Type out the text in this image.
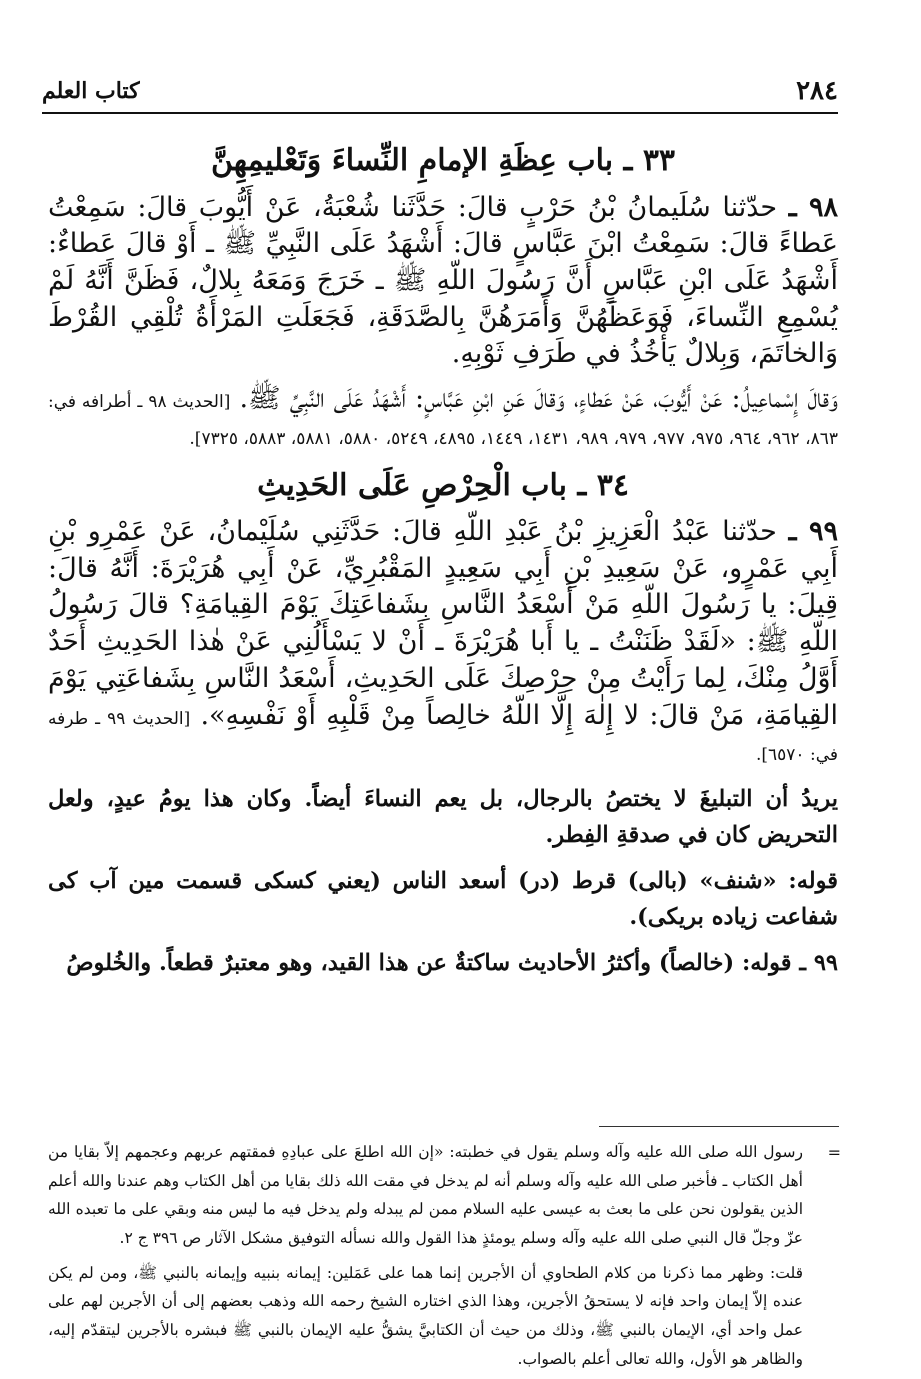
٢٨٤
كتاب العلم
٣٣ ـ باب عِظَةِ الإمامِ النِّساءَ وَتَعْليمِهِنَّ

٩٨ ـ حدّثنا سُلَيمانُ بْنُ حَرْبٍ قالَ: حَدَّثَنا شُعْبَةُ، عَنْ أَيُّوبَ قالَ: سَمِعْتُ عَطاءً قالَ: سَمِعْتُ ابْنَ عَبَّاسٍ قالَ: أَشْهَدُ عَلَى النَّبِيِّ ﷺ ـ أَوْ قالَ عَطاءٌ: أَشْهَدُ عَلَى ابْنِ عَبَّاسٍ أَنَّ رَسُولَ اللّهِ ﷺ ـ خَرَجَ وَمَعَهُ بِلالٌ، فَظَنَّ أَنَّهُ لَمْ يُسْمِعِ النِّساءَ، فَوَعَظَهُنَّ وَأَمَرَهُنَّ بِالصَّدَقَةِ، فَجَعَلَتِ المَرْأَةُ تُلْقِي القُرْطَ وَالخاتَمَ، وَبِلالٌ يَأْخُذُ في طَرَفِ ثَوْبِهِ.

وَقالَ إِسْماعِيلُ: عَنْ أَيُّوبَ، عَنْ عَطاءٍ، وَقالَ عَنِ ابْنِ عَبَّاسٍ: أَشْهَدُ عَلَى النَّبِيِّ ﷺ. [الحديث ٩٨ ـ أطرافه في: ٨٦٣، ٩٦٢، ٩٦٤، ٩٧٥، ٩٧٧، ٩٧٩، ٩٨٩، ١٤٣١، ١٤٤٩، ٤٨٩٥، ٥٢٤٩، ٥٨٨٠، ٥٨٨١، ٥٨٨٣، ٧٣٢٥].

٣٤ ـ باب الْحِرْصِ عَلَى الحَدِيثِ

٩٩ ـ حدّثنا عَبْدُ الْعَزِيزِ بْنُ عَبْدِ اللّهِ قالَ: حَدَّثَنِي سُلَيْمانُ، عَنْ عَمْرِو بْنِ أَبِي عَمْرٍو، عَنْ سَعِيدِ بْنِ أَبِي سَعِيدٍ المَقْبُرِيِّ، عَنْ أَبِي هُرَيْرَةَ: أَنَّهُ قالَ: قِيلَ: يا رَسُولَ اللّهِ مَنْ أَسْعَدُ النَّاسِ بِشَفاعَتِكَ يَوْمَ القِيامَةِ؟ قالَ رَسُولُ اللّهِ ﷺ: «لَقَدْ ظَنَنْتُ ـ يا أَبا هُرَيْرَةَ ـ أَنْ لا يَسْأَلُنِي عَنْ هٰذا الحَدِيثِ أَحَدٌ أَوَّلُ مِنْكَ، لِما رَأَيْتُ مِنْ حِرْصِكَ عَلَى الحَدِيثِ، أَسْعَدُ النَّاسِ بِشَفاعَتِي يَوْمَ القِيامَةِ، مَنْ قالَ: لا إِلٰهَ إِلَّا اللّهُ خالِصاً مِنْ قَلْبِهِ أَوْ نَفْسِهِ». [الحديث ٩٩ ـ طرفه في: ٦٥٧٠].

يريدُ أن التبليغَ لا يختصُ بالرجال، بل يعم النساءَ أيضاً. وكان هذا يومُ عيدٍ، ولعل التحريض كان في صدقةِ الفِطر.

قوله: «شنف» (بالى) قرط (در) أسعد الناس (يعني كسكى قسمت مين آب كى شفاعت زياده بريكى).

٩٩ ـ قوله: (خالصاً) وأكثرُ الأحاديث ساكتةٌ عن هذا القيد، وهو معتبرٌ قطعاً. والخُلوصُ

=

رسول الله صلى الله عليه وآله وسلم يقول في خطبته: «إن الله اطلعَ على عبادِهِ فمقتهم عربهم وعجمهم إلاّ بقايا من أهل الكتاب ـ فأخبر صلى الله عليه وآله وسلم أنه لم يدخل في مقت الله ذلك بقايا من أهل الكتاب وهم عندنا والله أعلم الذين يقولون نحن على ما بعث به عيسى عليه السلام ممن لم يبدله ولم يدخل فيه ما ليس منه وبقي على ما تعبده الله عزّ وجلّ قال النبي صلى الله عليه وآله وسلم يومئذٍ هذا القول والله نسأله التوفيق مشكل الآثار ص ٣٩٦ ج ٢.

قلت: وظهر مما ذكرنا من كلام الطحاوي أن الأجرين إنما هما على عَمَلين: إيمانه بنبيه وإيمانه بالنبي ﷺ، ومن لم يكن عنده إلاّ إيمان واحد فإنه لا يستحقُ الأجرين، وهذا الذي اختاره الشيخ رحمه الله وذهب بعضهم إلى أن الأجرين لهم على عمل واحد أي، الإيمان بالنبي ﷺ، وذلك من حيث أن الكتابيَّ يشقُّ عليه الإيمان بالنبي ﷺ فبشره بالأجرين ليتقدّم إليه، والظاهر هو الأول، والله تعالى أعلم بالصواب.
